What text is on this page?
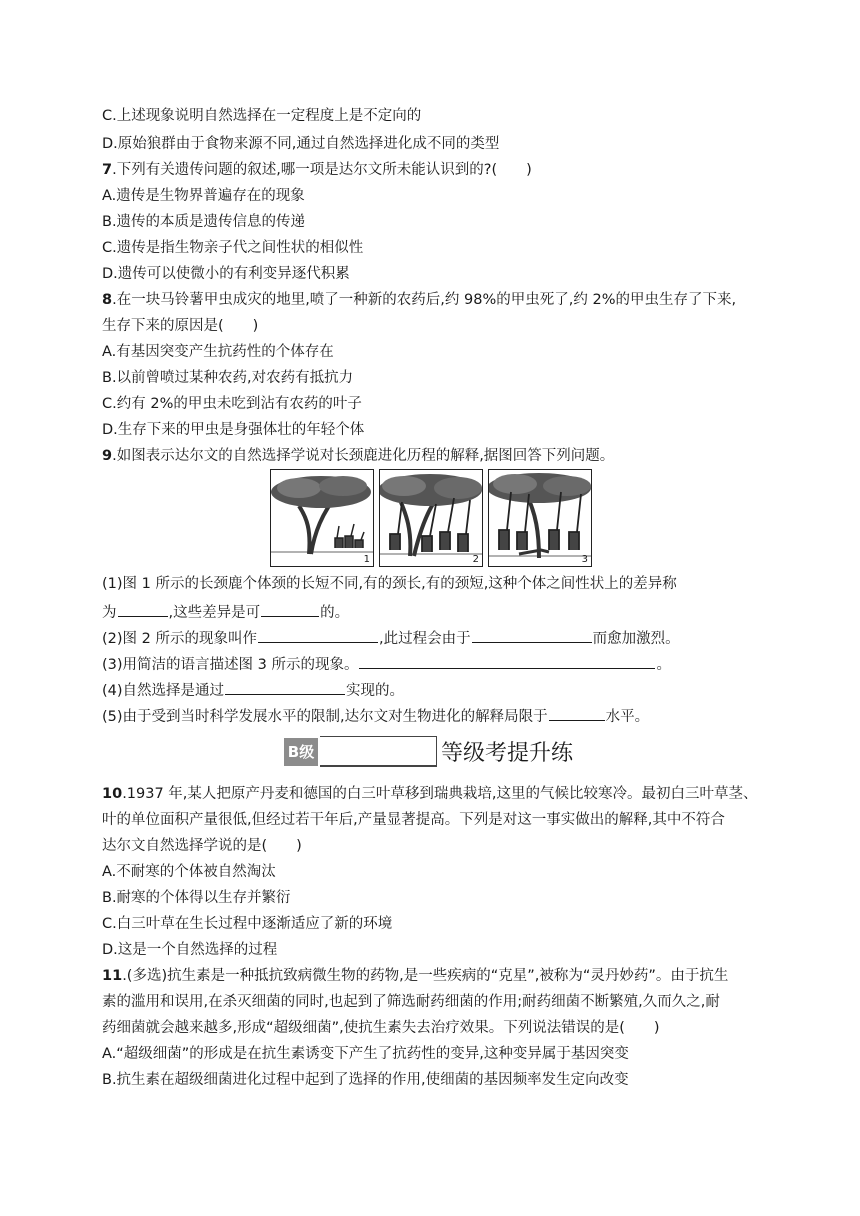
C.上述现象说明自然选择在一定程度上是不定向的
D.原始狼群由于食物来源不同,通过自然选择进化成不同的类型
7.下列有关遗传问题的叙述,哪一项是达尔文所未能认识到的?(　　)
A.遗传是生物界普遍存在的现象
B.遗传的本质是遗传信息的传递
C.遗传是指生物亲子代之间性状的相似性
D.遗传可以使微小的有利变异逐代积累
8.在一块马铃薯甲虫成灾的地里,喷了一种新的农药后,约 98%的甲虫死了,约 2%的甲虫生存了下来,
生存下来的原因是(　　)
A.有基因突变产生抗药性的个体存在
B.以前曾喷过某种农药,对农药有抵抗力
C.约有 2%的甲虫未吃到沾有农药的叶子
D.生存下来的甲虫是身强体壮的年轻个体
9.如图表示达尔文的自然选择学说对长颈鹿进化历程的解释,据图回答下列问题。
1	2	3
(1)图 1 所示的长颈鹿个体颈的长短不同,有的颈长,有的颈短,这种个体之间性状上的差异称
为	,这些差异是可	的。
(2)图 2 所示的现象叫作	,此过程会由于	而愈加激烈。
(3)用简洁的语言描述图 3 所示的现象。	。
(4)自然选择是通过	实现的。
(5)由于受到当时科学发展水平的限制,达尔文对生物进化的解释局限于	水平。
B级	等级考提升练
10.1937 年,某人把原产丹麦和德国的白三叶草移到瑞典栽培,这里的气候比较寒冷。最初白三叶草茎、
叶的单位面积产量很低,但经过若干年后,产量显著提高。下列是对这一事实做出的解释,其中不符合
达尔文自然选择学说的是(　　)
A.不耐寒的个体被自然淘汰
B.耐寒的个体得以生存并繁衍
C.白三叶草在生长过程中逐渐适应了新的环境
D.这是一个自然选择的过程
11.(多选)抗生素是一种抵抗致病微生物的药物,是一些疾病的“克星”,被称为“灵丹妙药”。由于抗生
素的滥用和误用,在杀灭细菌的同时,也起到了筛选耐药细菌的作用;耐药细菌不断繁殖,久而久之,耐
药细菌就会越来越多,形成“超级细菌”,使抗生素失去治疗效果。下列说法错误的是(　　)
A.“超级细菌”的形成是在抗生素诱变下产生了抗药性的变异,这种变异属于基因突变
B.抗生素在超级细菌进化过程中起到了选择的作用,使细菌的基因频率发生定向改变
